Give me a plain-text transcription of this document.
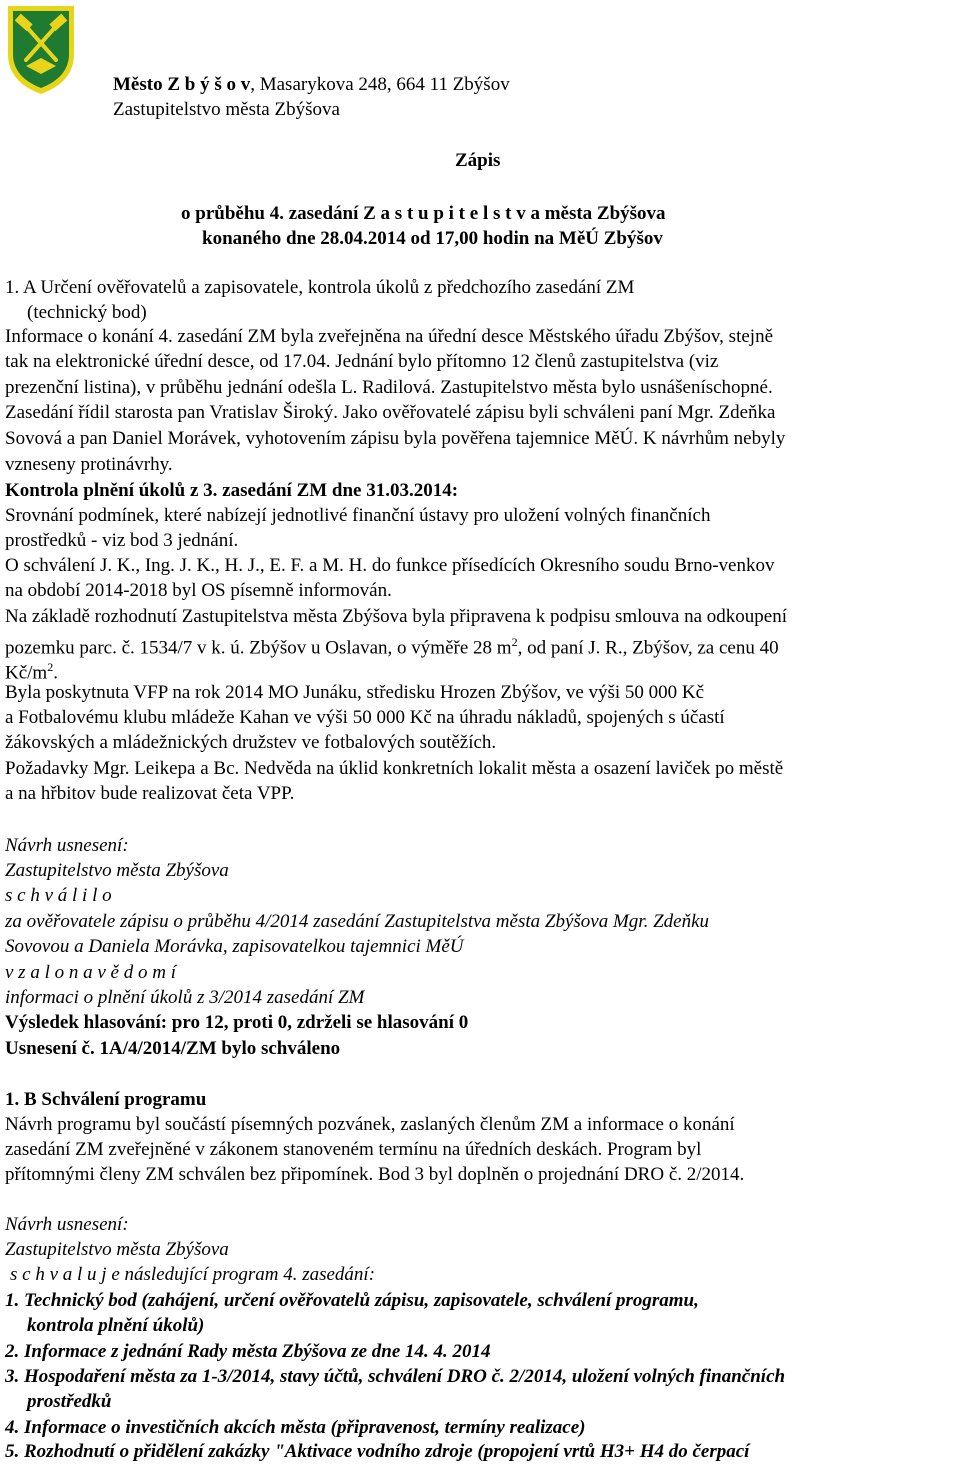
Město Z b ý š o v, Masarykova 248, 664 11 Zbýšov
Zastupitelstvo města Zbýšova
Zápis
o průběhu 4. zasedání Z a s t u p i t e l s t v a města Zbýšova
konaného dne 28.04.2014 od 17,00 hodin na MěÚ Zbýšov
1. A Určení ověřovatelů a zapisovatele, kontrola úkolů z předchozího zasedání ZM
(technický bod)
Informace o konání 4. zasedání ZM byla zveřejněna na úřední desce Městského úřadu Zbýšov, stejně
tak na elektronické úřední desce, od 17.04. Jednání bylo přítomno 12 členů zastupitelstva (viz
prezenční listina), v průběhu jednání odešla L. Radilová. Zastupitelstvo města bylo usnášeníschopné.
Zasedání řídil starosta pan Vratislav Široký. Jako ověřovatelé zápisu byli schváleni paní Mgr. Zdeňka
Sovová a pan Daniel Morávek, vyhotovením zápisu byla pověřena tajemnice MěÚ. K návrhům nebyly
vzneseny protinávrhy.
Kontrola plnění úkolů z 3. zasedání ZM dne 31.03.2014:
Srovnání podmínek, které nabízejí jednotlivé finanční ústavy pro uložení volných finančních
prostředků - viz bod 3 jednání.
O schválení J. K., Ing. J. K., H. J., E. F. a M. H. do funkce přísedících Okresního soudu Brno-venkov
na období 2014-2018 byl OS písemně informován.
Na základě rozhodnutí Zastupitelstva města Zbýšova byla připravena k podpisu smlouva na odkoupení
pozemku parc. č. 1534/7 v k. ú. Zbýšov u Oslavan, o výměře 28 $m^2$, od paní J. R., Zbýšov, za cenu 40
$Kč/m^2$.
Byla poskytnuta VFP na rok 2014 MO Junáku, středisku Hrozen Zbýšov, ve výši 50 000 Kč
a Fotbalovému klubu mládeže Kahan ve výši 50 000 Kč na úhradu nákladů, spojených s účastí
žákovských a mládežnických družstev ve fotbalových soutěžích.
Požadavky Mgr. Leikepa a Bc. Nedvěda na úklid konkretních lokalit města a osazení laviček po městě
a na hřbitov bude realizovat četa VPP.
Návrh usnesení:
Zastupitelstvo města Zbýšova
s c h v á l i l o
za ověřovatele zápisu o průběhu 4/2014 zasedání Zastupitelstva města Zbýšova Mgr. Zdeňku
Sovovou a Daniela Morávka, zapisovatelkou tajemnici MěÚ
v z a l o n a v ě d o m í
informaci o plnění úkolů z 3/2014 zasedání ZM
Výsledek hlasování: pro 12, proti 0, zdrželi se hlasování 0
Usnesení č. 1A/4/2014/ZM bylo schváleno
1. B Schválení programu
Návrh programu byl součástí písemných pozvánek, zaslaných členům ZM a informace o konání
zasedání ZM zveřejněné v zákonem stanoveném termínu na úředních deskách. Program byl
přítomnými členy ZM schválen bez připomínek. Bod 3 byl doplněn o projednání DRO č. 2/2014.
Návrh usnesení:
Zastupitelstvo města Zbýšova
s c h v a l u j e následující program 4. zasedání:
1. Technický bod (zahájení, určení ověřovatelů zápisu, zapisovatele, schválení programu,
kontrola plnění úkolů)
2. Informace z jednání Rady města Zbýšova ze dne 14. 4. 2014
3. Hospodaření města za 1-3/2014, stavy účtů, schválení DRO č. 2/2014, uložení volných finančních
prostředků
4. Informace o investičních akcích města (připravenost, termíny realizace)
5. Rozhodnutí o přidělení zakázky "Aktivace vodního zdroje (propojení vrtů H3+ H4 do čerpací
